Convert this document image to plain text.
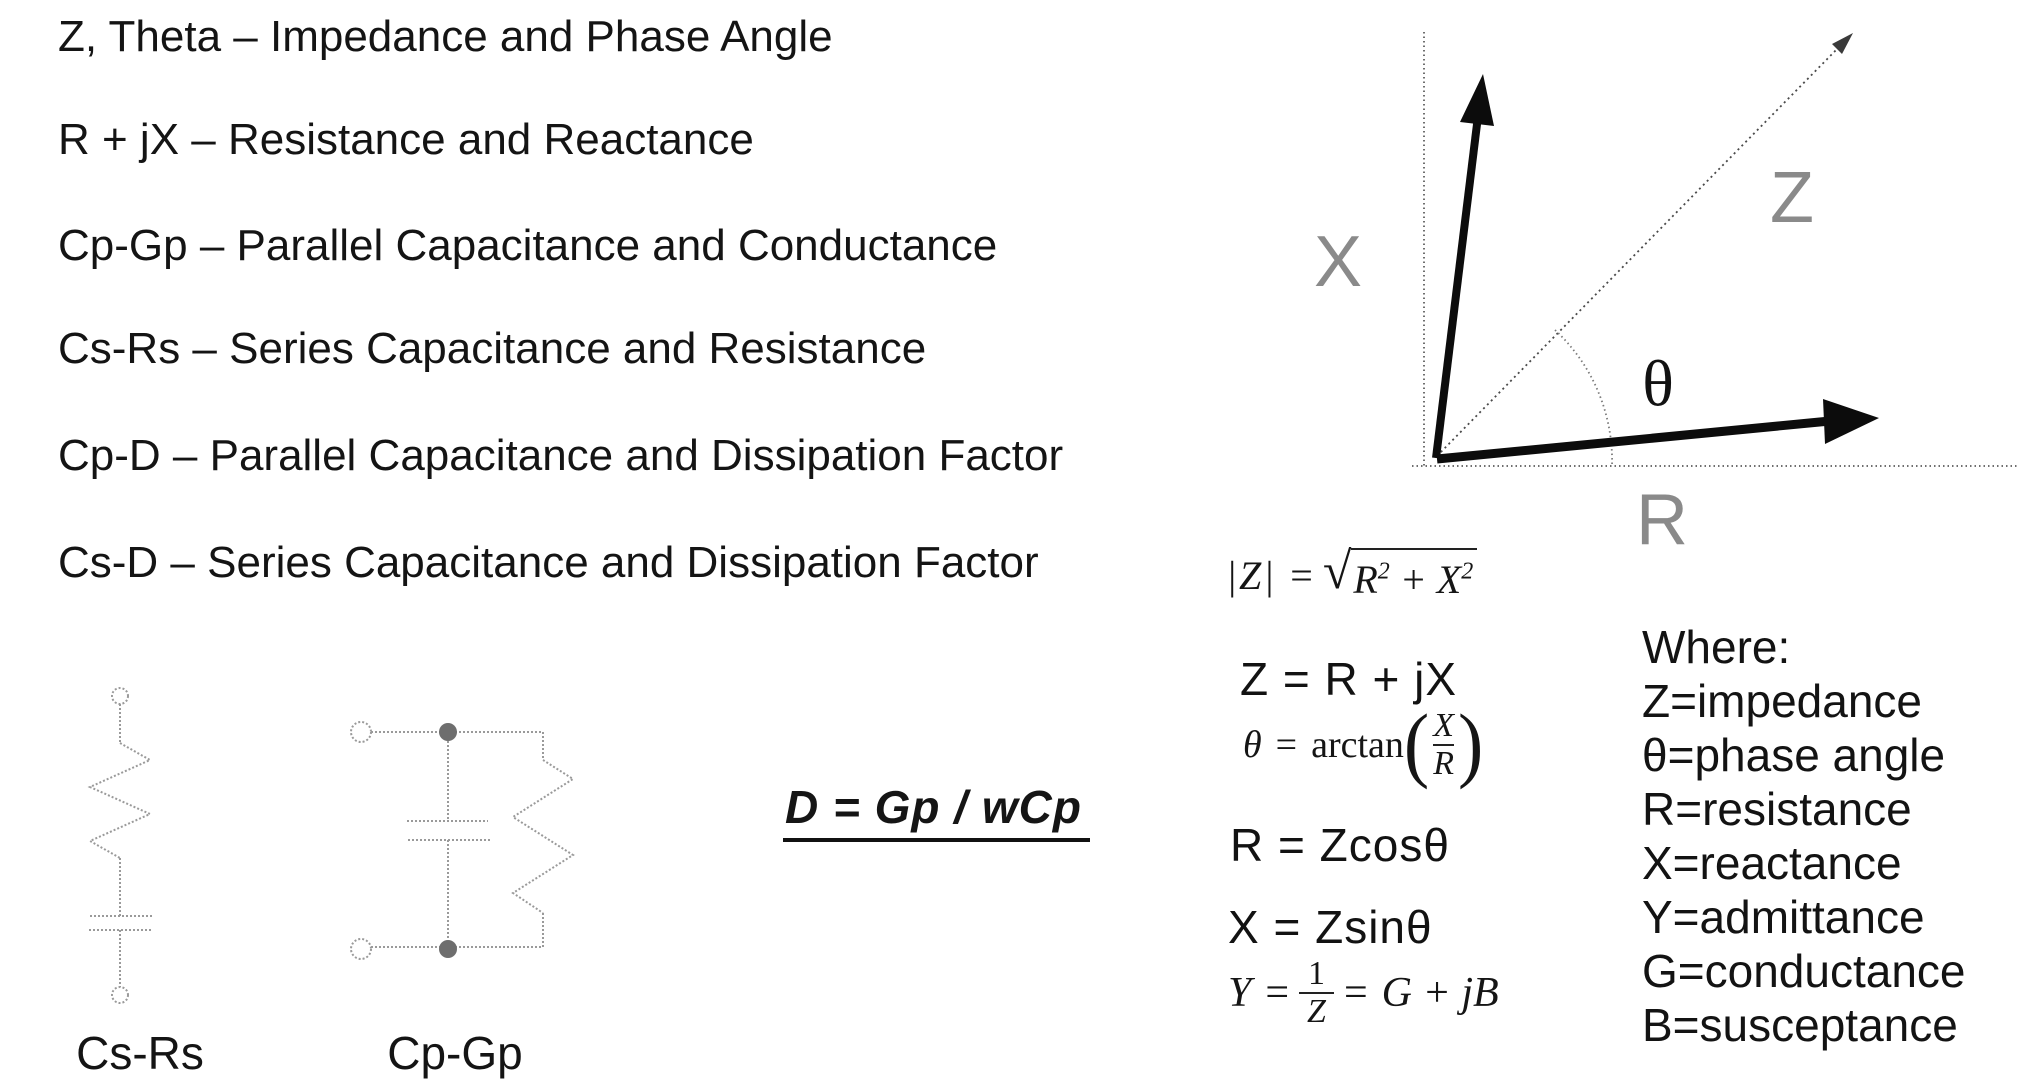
Z, Theta – Impedance and Phase Angle
R + jX – Resistance and Reactance
Cp-Gp – Parallel Capacitance and Conductance
Cs-Rs – Series Capacitance and Resistance
Cp-D – Parallel Capacitance and Dissipation Factor
Cs-D – Series Capacitance and Dissipation Factor
X
Z
θ
R
|Z| = √ $R^2 + X^2$
Z = R + jX
θ = arctan ( $\frac{X}{R}$ )
R = Zcosθ
X = Zsinθ
$Y = \frac{1}{Z} = G$ + jB
Where:
Z=impedance
θ=phase angle
R=resistance
X=reactance
Y=admittance
G=conductance
B=susceptance
D = Gp / wCp
Cs-Rs	Cp-Gp
